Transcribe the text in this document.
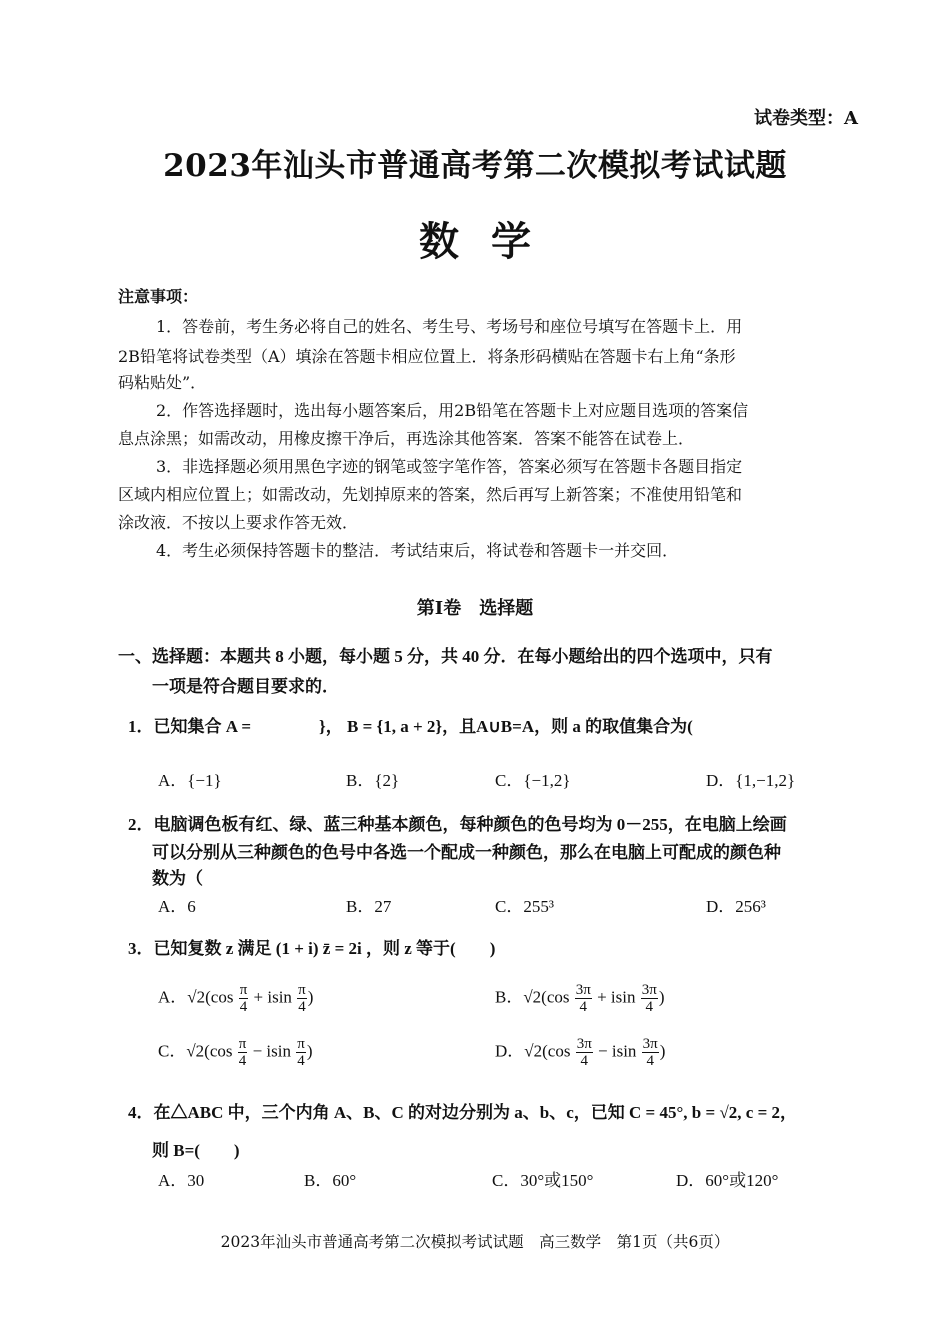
试卷类型：A
2023年汕头市普通高考第二次模拟考试试题
数学
注意事项：
1．答卷前，考生务必将自己的姓名、考生号、考场号和座位号填写在答题卡上．用
2B铅笔将试卷类型（A）填涂在答题卡相应位置上．将条形码横贴在答题卡右上角“条形
码粘贴处”．
2．作答选择题时，选出每小题答案后，用2B铅笔在答题卡上对应题目选项的答案信
息点涂黑；如需改动，用橡皮擦干净后，再选涂其他答案．答案不能答在试卷上．
3．非选择题必须用黑色字迹的钢笔或签字笔作答，答案必须写在答题卡各题目指定
区域内相应位置上；如需改动，先划掉原来的答案，然后再写上新答案；不准使用铅笔和
涂改液．不按以上要求作答无效．
4．考生必须保持答题卡的整洁．考试结束后，将试卷和答题卡一并交回．
第Ⅰ卷　选择题
一、选择题：本题共 8 小题，每小题 5 分，共 40 分．在每小题给出的四个选项中，只有
一项是符合题目要求的．
1．已知集合 A =　　　　}， B = {1, a + 2}，且A∪B=A，则 a 的取值集合为(
A．{−1}	B．{2}	C．{−1,2}	D．{1,−1,2}
2．电脑调色板有红、绿、蓝三种基本颜色，每种颜色的色号均为 0－255，在电脑上绘画
可以分别从三种颜色的色号中各选一个配成一种颜色，那么在电脑上可配成的颜色种
数为（
A．6	B．27	C．255³	D．256³
3．已知复数 z 满足 (1 + i) z̄ = 2i ，则 z 等于(　　)
A．$√2(\cos \frac{\pi}{4} + isin \frac{\pi}{4}$ )	B．$√2(\cos \frac{3\pi}{4} + isin \frac{3\pi}{4}$ )
C．$√2(\cos \frac{\pi}{4} - isin \frac{\pi}{4}$ )	D．$√2(\cos \frac{3\pi}{4} - isin \frac{3\pi}{4}$ )
4．在△ABC 中，三个内角 A、B、C 的对边分别为 a、b、c，已知 C = 45°, b = √2, c = 2，
则 B=(　　)
A．30	B．60°	C．30°或150°	D．60°或120°
2023年汕头市普通高考第二次模拟考试试题　高三数学　第1页（共6页）
